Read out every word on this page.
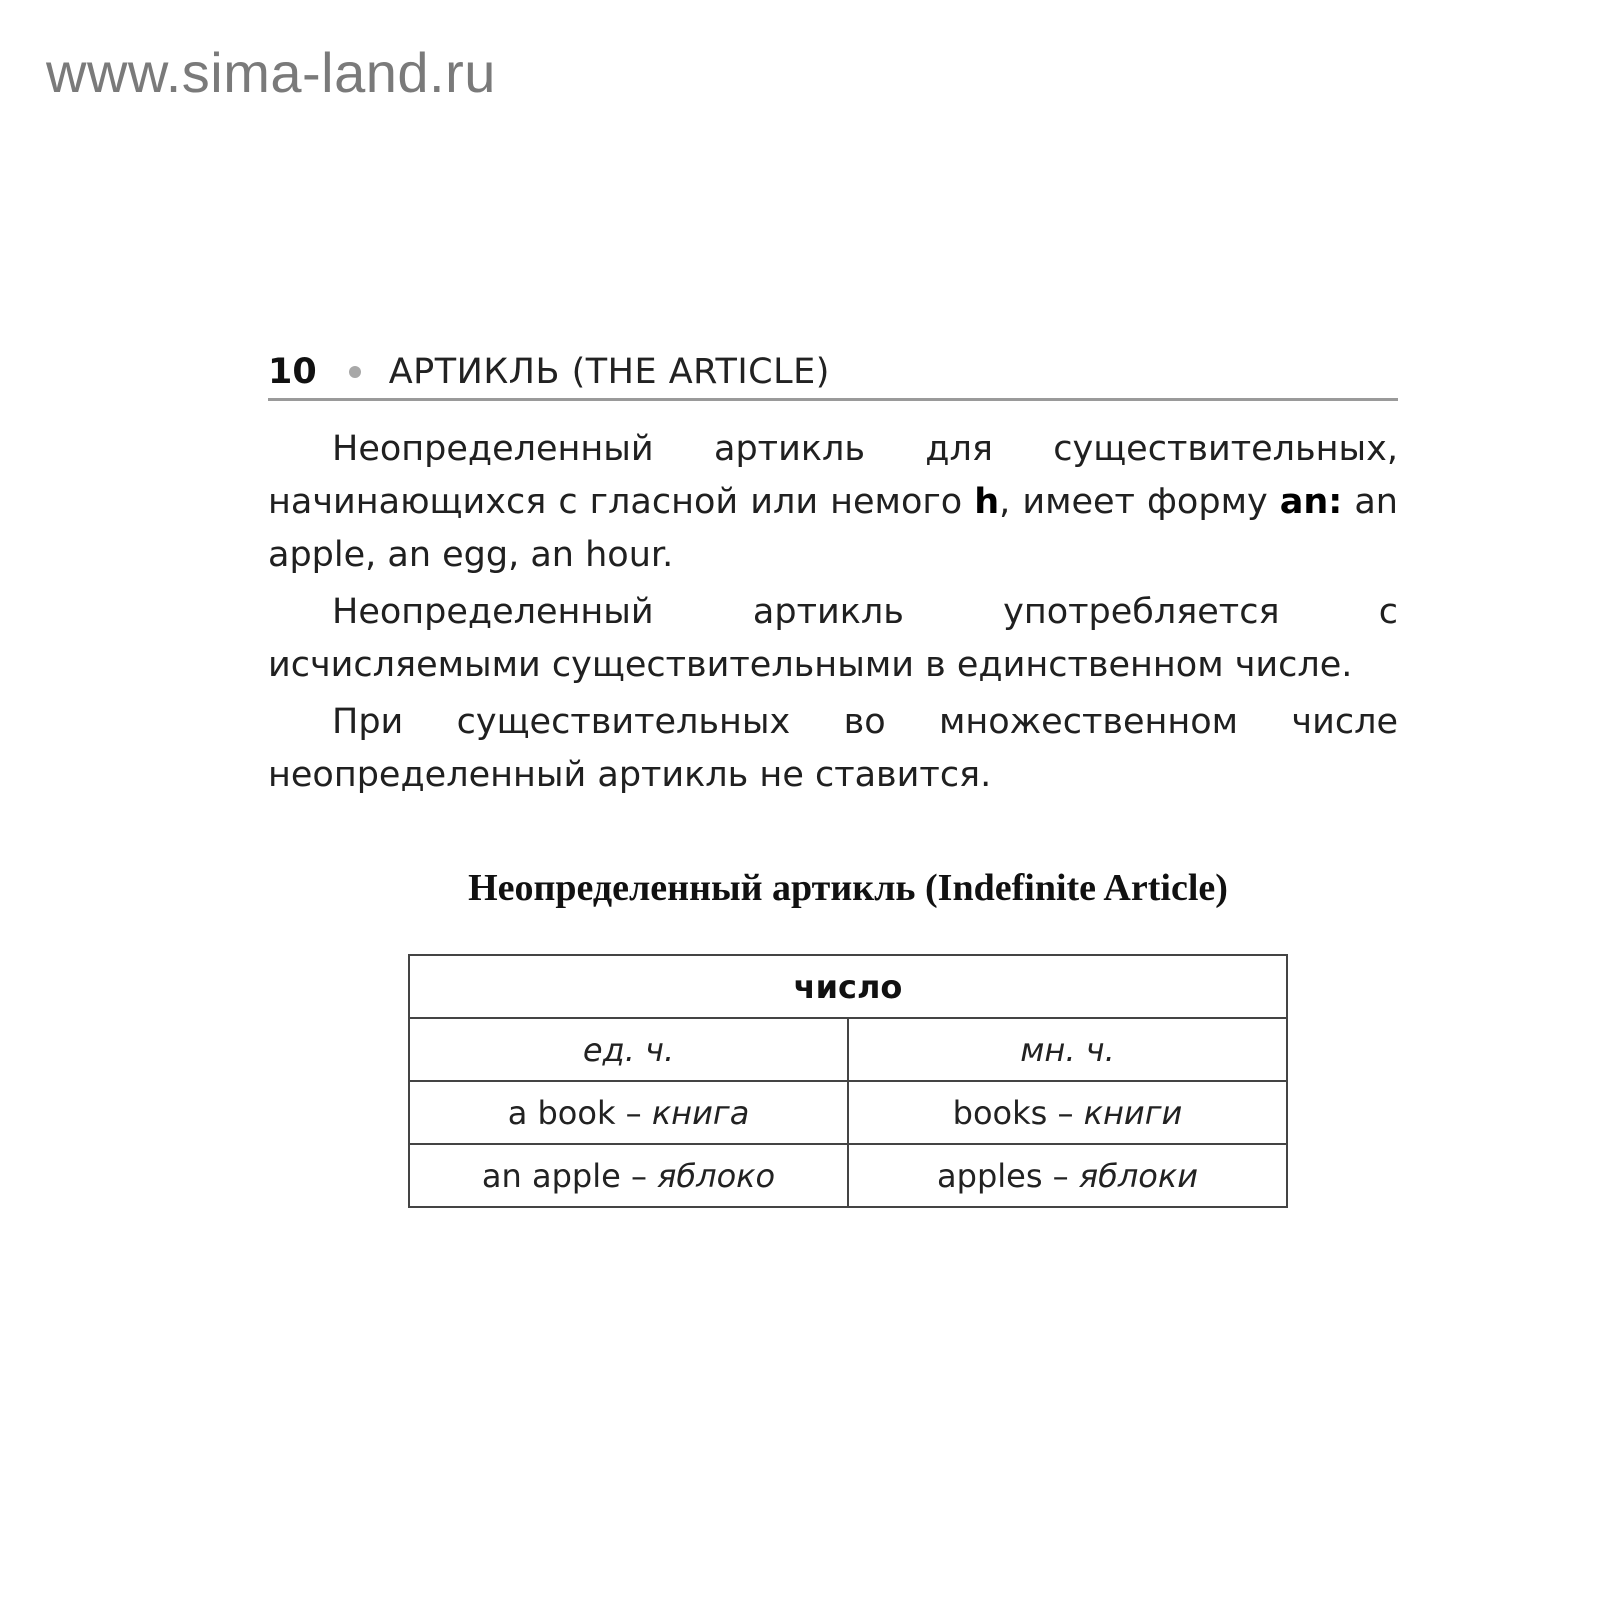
www.sima-land.ru
10 АРТИКЛЬ (THE ARTICLE)

Неопределенный артикль для существительных, начинающихся с гласной или немого h, имеет форму an: an apple, an egg, an hour.

Неопределенный артикль употребляется с исчисляемыми существительными в единственном числе.

При существительных во множественном числе неопределенный артикль не ставится.

Неопределенный артикль (Indefinite Article)
число	
ед. ч.	мн. ч.
a book – книга	books – книги
an apple – яблоко	apples – яблоки
